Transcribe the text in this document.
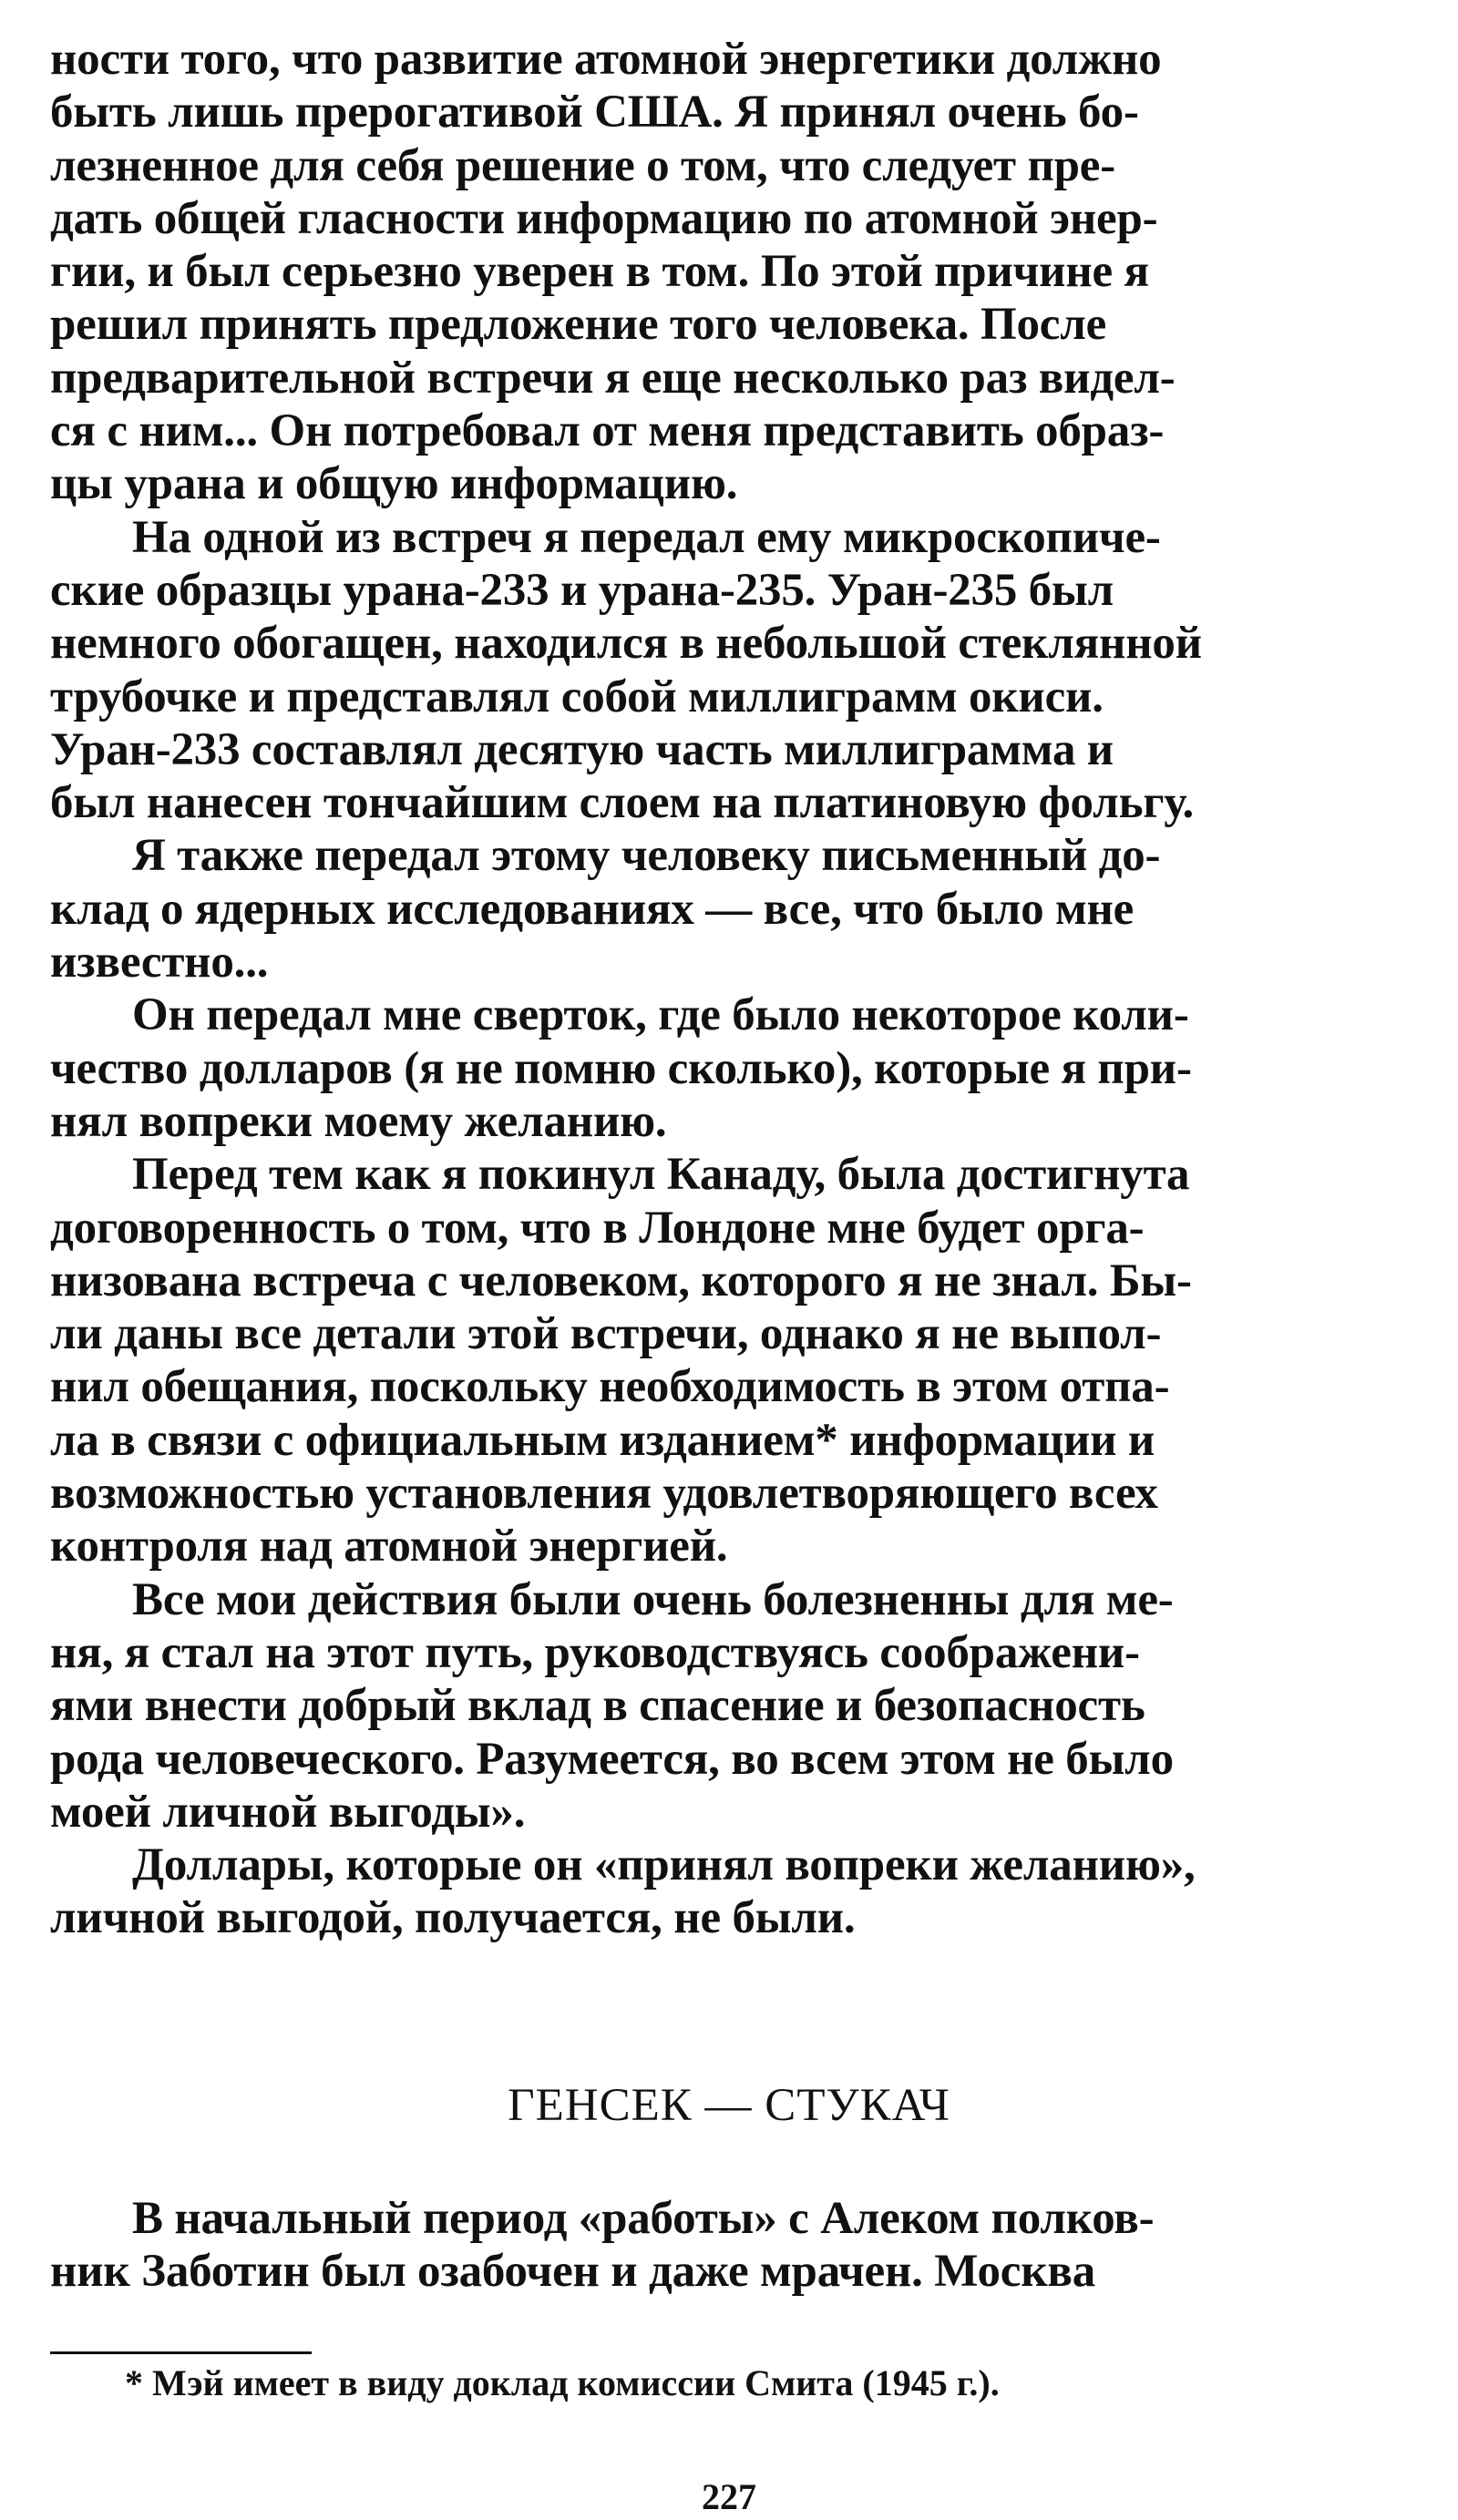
ности того, что развитие атомной энергетики должно
быть лишь прерогативой США. Я принял очень бо-
лезненное для себя решение о том, что следует пре-
дать общей гласности информацию по атомной энер-
гии, и был серьезно уверен в том. По этой причине я
решил принять предложение того человека. После
предварительной встречи я еще несколько раз видел-
ся с ним... Он потребовал от меня представить образ-
цы урана и общую информацию.
На одной из встреч я передал ему микроскопиче-
ские образцы урана-233 и урана-235. Уран-235 был
немного обогащен, находился в небольшой стеклянной
трубочке и представлял собой миллиграмм окиси.
Уран-233 составлял десятую часть миллиграмма и
был нанесен тончайшим слоем на платиновую фольгу.
Я также передал этому человеку письменный до-
клад о ядерных исследованиях — все, что было мне
известно...
Он передал мне сверток, где было некоторое коли-
чество долларов (я не помню сколько), которые я при-
нял вопреки моему желанию.
Перед тем как я покинул Канаду, была достигнута
договоренность о том, что в Лондоне мне будет орга-
низована встреча с человеком, которого я не знал. Бы-
ли даны все детали этой встречи, однако я не выпол-
нил обещания, поскольку необходимость в этом отпа-
ла в связи с официальным изданием* информации и
возможностью установления удовлетворяющего всех
контроля над атомной энергией.
Все мои действия были очень болезненны для ме-
ня, я стал на этот путь, руководствуясь соображени-
ями внести добрый вклад в спасение и безопасность
рода человеческого. Разумеется, во всем этом не было
моей личной выгоды».
Доллары, которые он «принял вопреки желанию»,
личной выгодой, получается, не были.
ГЕНСЕК — СТУКАЧ
В начальный период «работы» с Алеком полков-
ник Заботин был озабочен и даже мрачен. Москва
* Мэй имеет в виду доклад комиссии Смита (1945 г.).
227
